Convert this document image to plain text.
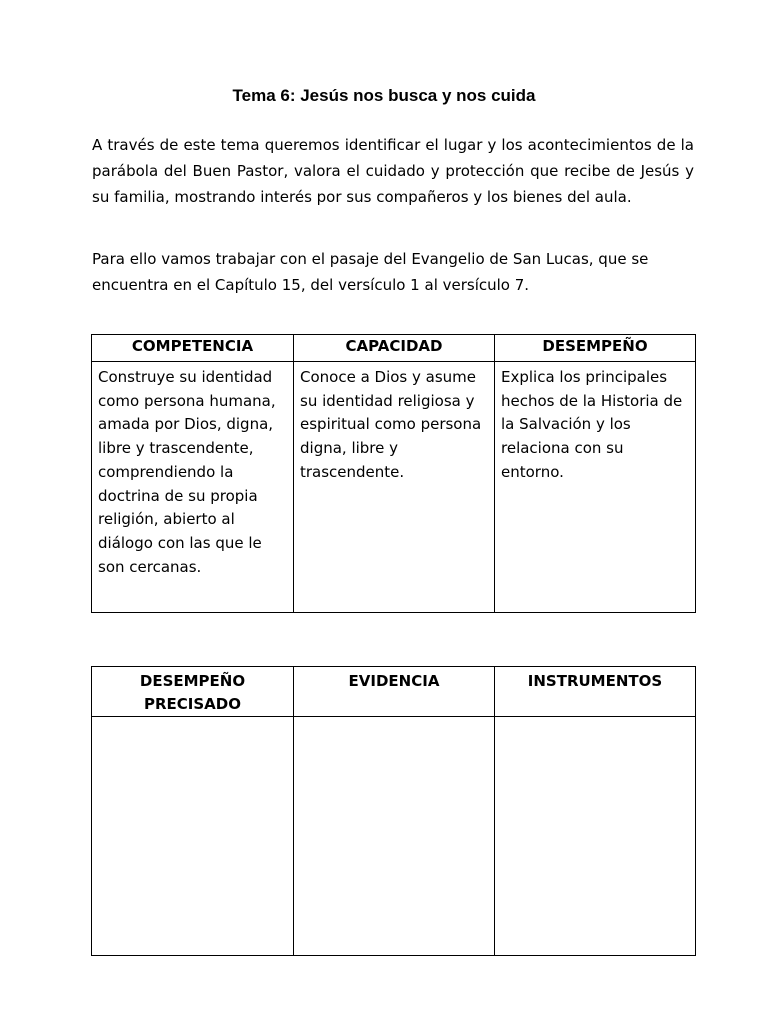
Tema 6: Jesús nos busca y nos cuida

A través de este tema queremos identificar el lugar y los acontecimientos de la parábola del Buen Pastor, valora el cuidado y protección que recibe de Jesús y su familia, mostrando interés por sus compañeros y los bienes del aula.

Para ello vamos trabajar con el pasaje del Evangelio de San Lucas, que se encuentra en el Capítulo 15, del versículo 1 al versículo 7.

COMPETENCIA	CAPACIDAD	DESEMPEÑO
Construye su identidad como persona humana, amada por Dios, digna, libre y trascendente, comprendiendo la doctrina de su propia religión, abierto al diálogo con las que le son cercanas.	Conoce a Dios y asume su identidad religiosa y espiritual como persona digna, libre y trascendente.	Explica los principales hechos de la Historia de la Salvación y los relaciona con su entorno.
DESEMPEÑO PRECISADO	EVIDENCIA	INSTRUMENTOS
